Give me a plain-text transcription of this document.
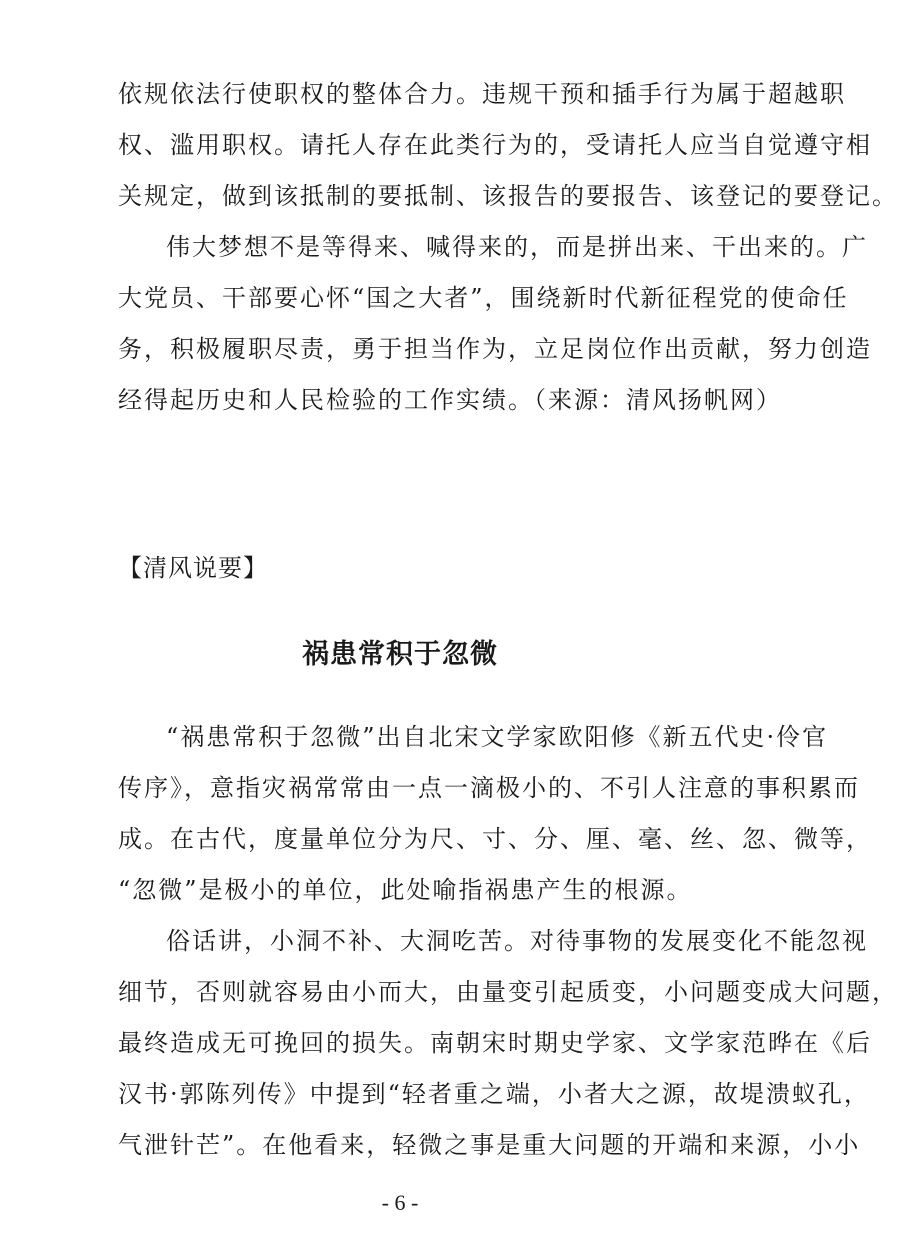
依规依法行使职权的整体合力。违规干预和插手行为属于超越职
权、滥用职权。请托人存在此类行为的，受请托人应当自觉遵守相
关规定，做到该抵制的要抵制、该报告的要报告、该登记的要登记。
伟大梦想不是等得来、喊得来的，而是拼出来、干出来的。广
大党员、干部要心怀“国之大者”，围绕新时代新征程党的使命任
务，积极履职尽责，勇于担当作为，立足岗位作出贡献，努力创造
经得起历史和人民检验的工作实绩。（来源：清风扬帆网）
【清风说要】
祸患常积于忽微
“祸患常积于忽微”出自北宋文学家欧阳修《新五代史·伶官
传序》，意指灾祸常常由一点一滴极小的、不引人注意的事积累而
成。在古代，度量单位分为尺、寸、分、厘、毫、丝、忽、微等，
“忽微”是极小的单位，此处喻指祸患产生的根源。
俗话讲，小洞不补、大洞吃苦。对待事物的发展变化不能忽视
细节，否则就容易由小而大，由量变引起质变，小问题变成大问题，
最终造成无可挽回的损失。南朝宋时期史学家、文学家范晔在《后
汉书·郭陈列传》中提到“轻者重之端，小者大之源，故堤溃蚁孔，
气泄针芒”。在他看来，轻微之事是重大问题的开端和来源，小小
- 6 -
